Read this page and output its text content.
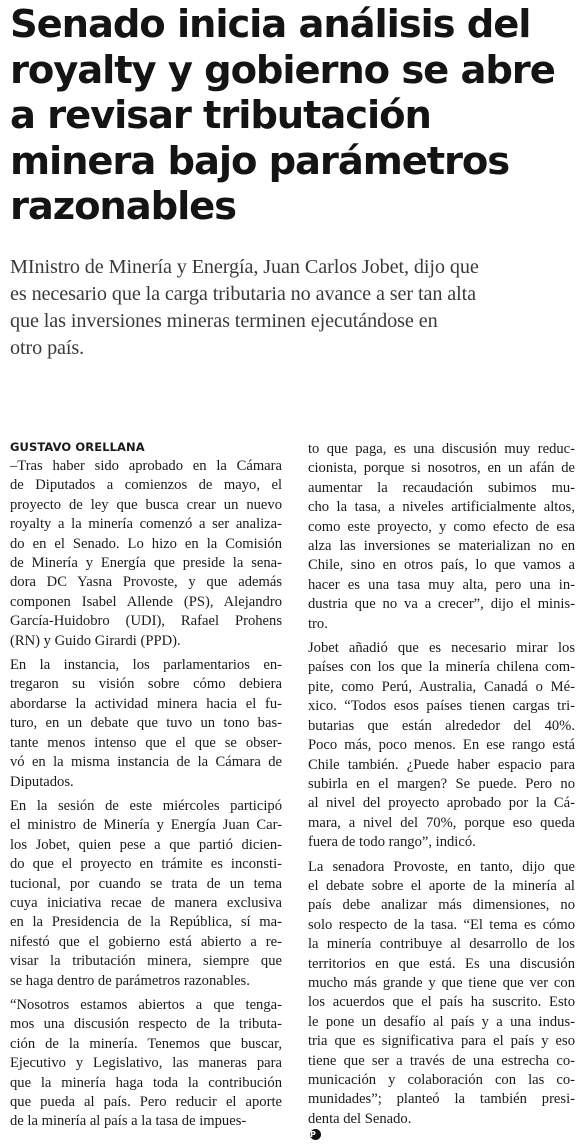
Senado inicia análisis del
royalty y gobierno se abre
a revisar tributación
minera bajo parámetros
razonables
MInistro de Minería y Energía, Juan Carlos Jobet, dijo que
es necesario que la carga tributaria no avance a ser tan alta
que las inversiones mineras terminen ejecutándose en
otro país.
GUSTAVO ORELLANA

–Tras haber sido aprobado en la Cámara
de Diputados a comienzos de mayo, el
proyecto de ley que busca crear un nuevo
royalty a la minería comenzó a ser analiza-
do en el Senado. Lo hizo en la Comisión
de Minería y Energía que preside la sena-
dora DC Yasna Provoste, y que además
componen Isabel Allende (PS), Alejandro
García-Huidobro (UDI), Rafael Prohens
(RN) y Guido Girardi (PPD).

En la instancia, los parlamentarios en-
tregaron su visión sobre cómo debiera
abordarse la actividad minera hacia el fu-
turo, en un debate que tuvo un tono bas-
tante menos intenso que el que se obser-
vó en la misma instancia de la Cámara de
Diputados.

En la sesión de este miércoles participó
el ministro de Minería y Energía Juan Car-
los Jobet, quien pese a que partió dicien-
do que el proyecto en trámite es inconsti-
tucional, por cuando se trata de un tema
cuya iniciativa recae de manera exclusiva
en la Presidencia de la República, sí ma-
nifestó que el gobierno está abierto a re-
visar la tributación minera, siempre que
se haga dentro de parámetros razonables.

“Nosotros estamos abiertos a que tenga-
mos una discusión respecto de la tributa-
ción de la minería. Tenemos que buscar,
Ejecutivo y Legislativo, las maneras para
que la minería haga toda la contribución
que pueda al país. Pero reducir el aporte
de la minería al país a la tasa de impues-

to que paga, es una discusión muy reduc-
cionista, porque si nosotros, en un afán de
aumentar la recaudación subimos mu-
cho la tasa, a niveles artificialmente altos,
como este proyecto, y como efecto de esa
alza las inversiones se materializan no en
Chile, sino en otros país, lo que vamos a
hacer es una tasa muy alta, pero una in-
dustria que no va a crecer”, dijo el minis-
tro.

Jobet añadió que es necesario mirar los
países con los que la minería chilena com-
pite, como Perú, Australia, Canadá o Mé-
xico. “Todos esos países tienen cargas tri-
butarias que están alrededor del 40%.
Poco más, poco menos. En ese rango está
Chile también. ¿Puede haber espacio para
subirla en el margen? Se puede. Pero no
al nivel del proyecto aprobado por la Cá-
mara, a nivel del 70%, porque eso queda
fuera de todo rango”, indicó.

La senadora Provoste, en tanto, dijo que
el debate sobre el aporte de la minería al
país debe analizar más dimensiones, no
solo respecto de la tasa. “El tema es cómo
la minería contribuye al desarrollo de los
territorios en que está. Es una discusión
mucho más grande y que tiene que ver con
los acuerdos que el país ha suscrito. Esto
le pone un desafío al país y a una indus-
tria que es significativa para el país y eso
tiene que ser a través de una estrecha co-
municación y colaboración con las co-
munidades”; planteó la también presi-
denta del Senado.
P
